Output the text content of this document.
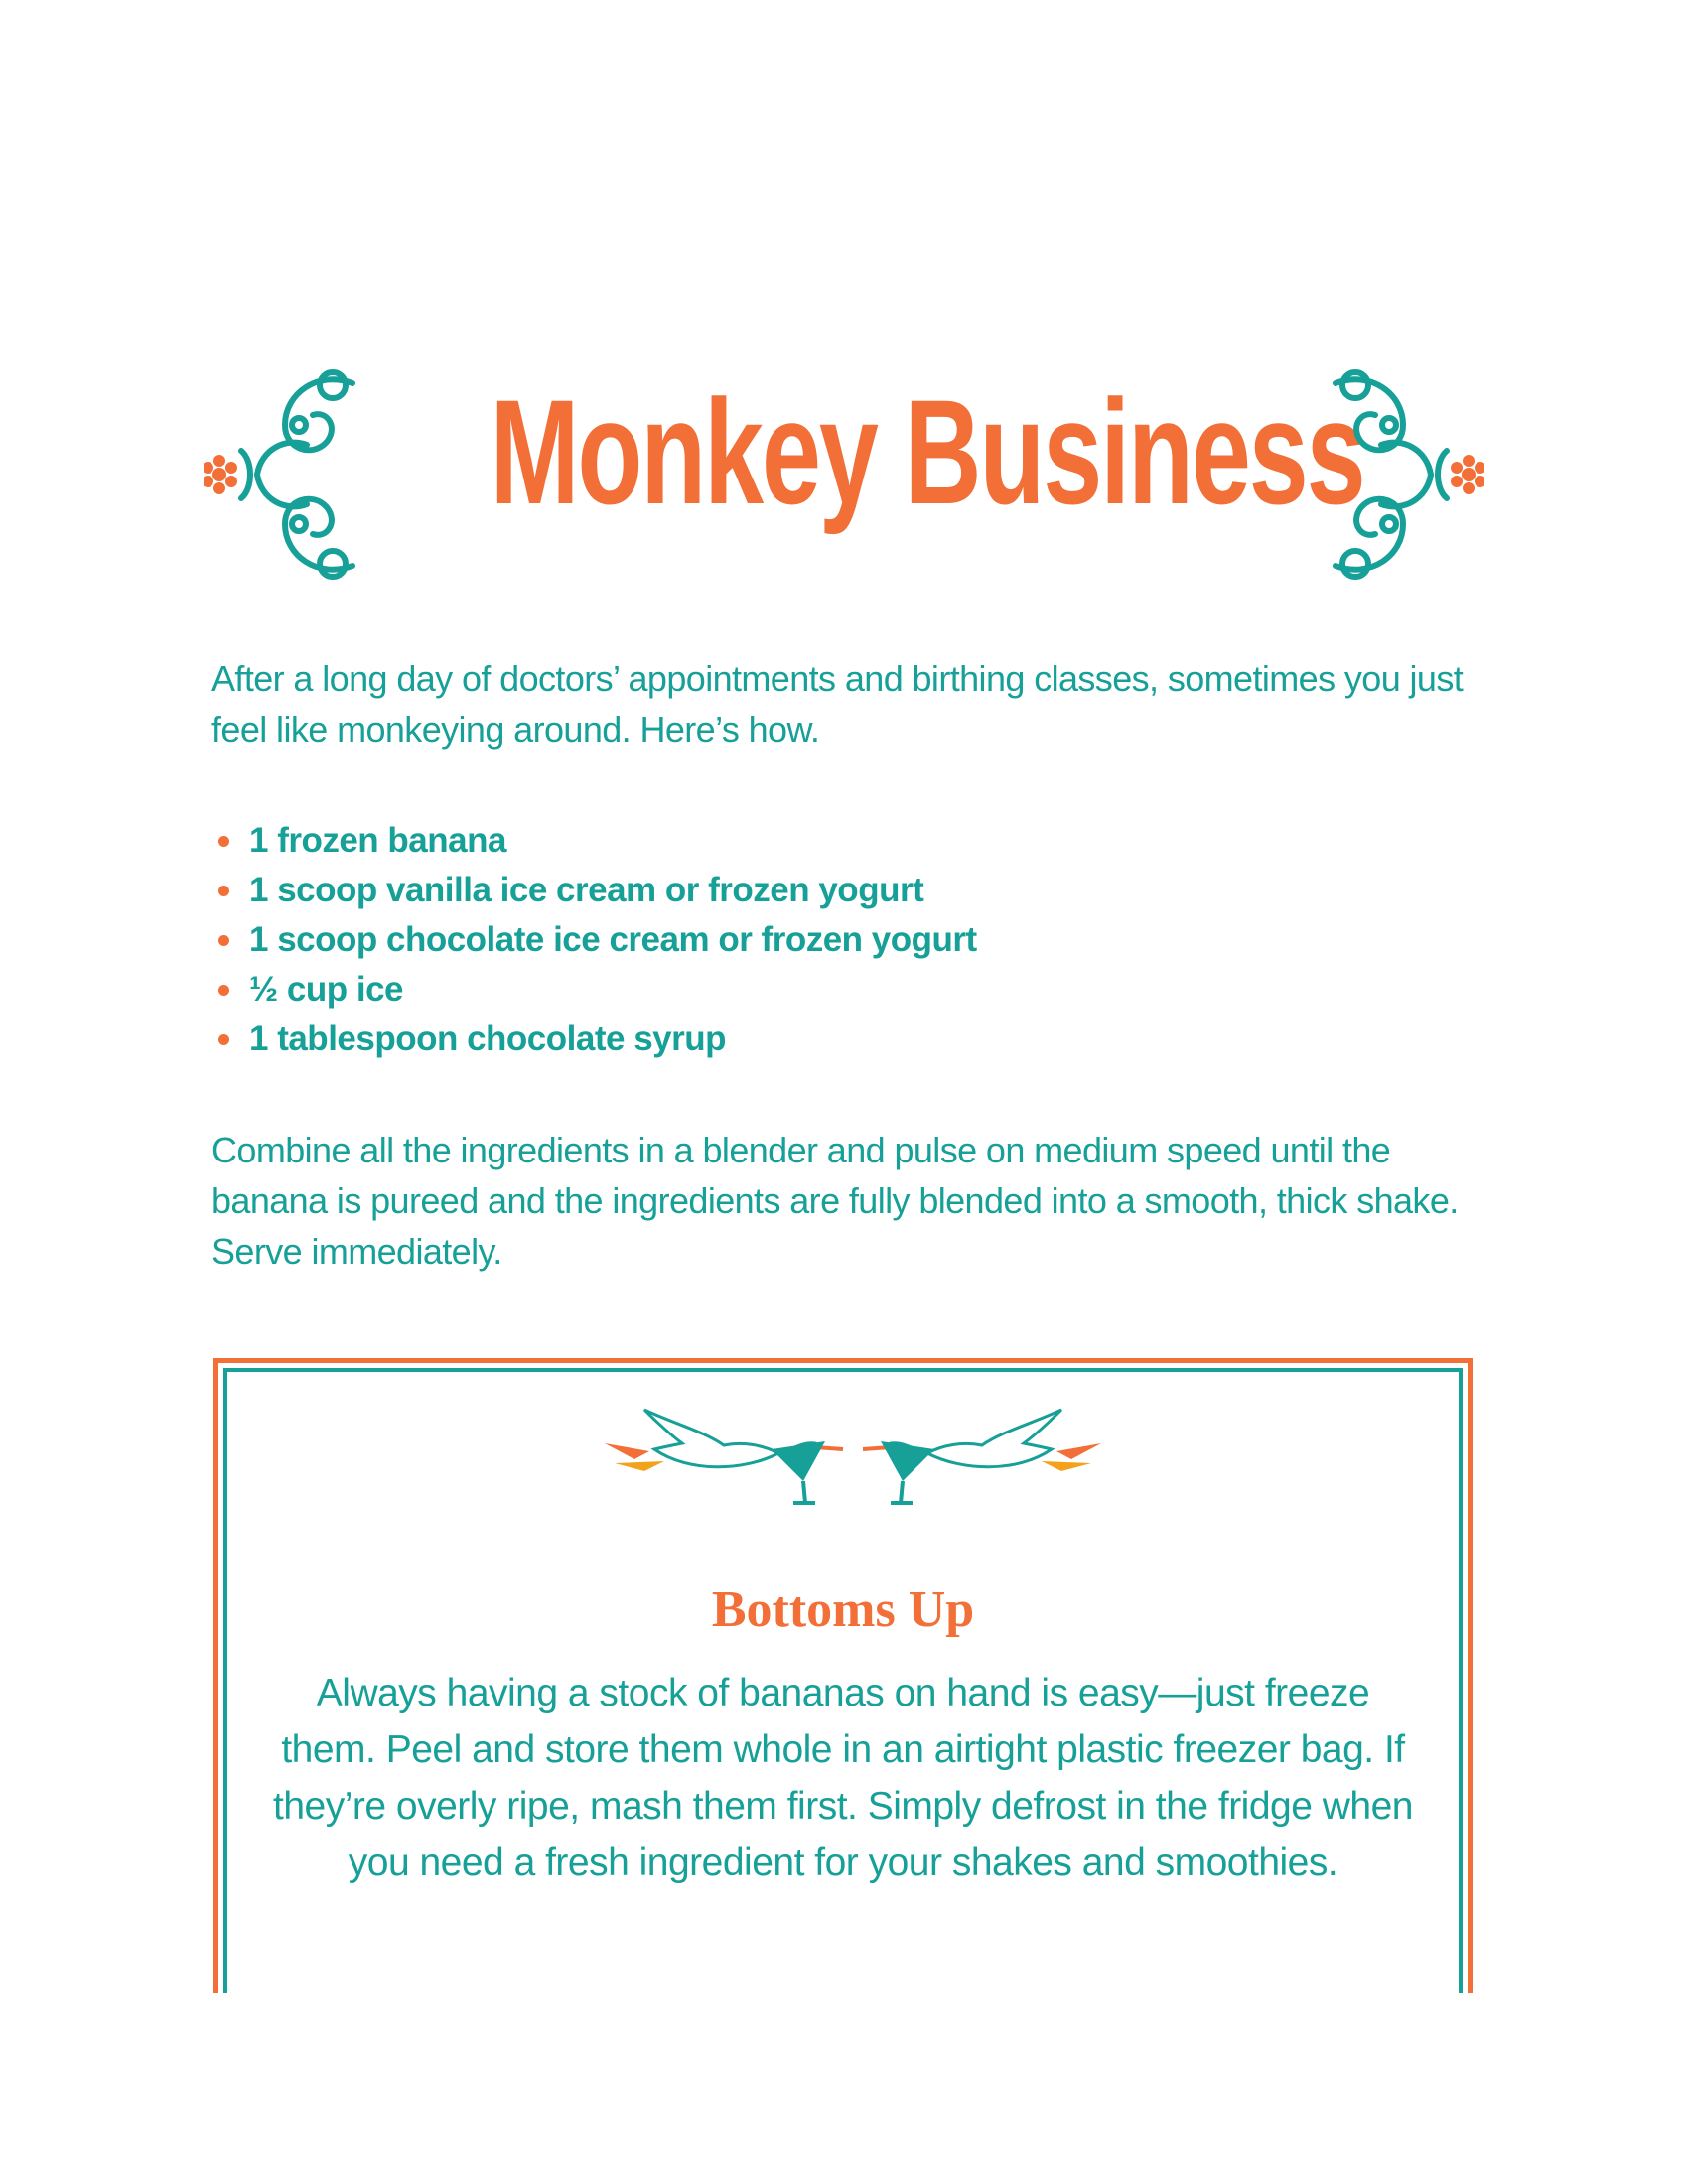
Monkey Business

After a long day of doctors’ appointments and birthing classes, sometimes you just feel like monkeying around. Here’s how.

1 frozen banana
1 scoop vanilla ice cream or frozen yogurt
1 scoop chocolate ice cream or frozen yogurt
½ cup ice
1 tablespoon chocolate syrup

Combine all the ingredients in a blender and pulse on medium speed until the banana is pureed and the ingredients are fully blended into a smooth, thick shake. Serve immediately.

Bottoms Up
Always having a stock of bananas on hand is easy—just freeze them. Peel and store them whole in an airtight plastic freezer bag. If they’re overly ripe, mash them first. Simply defrost in the fridge when you need a fresh ingredient for your shakes and smoothies.
